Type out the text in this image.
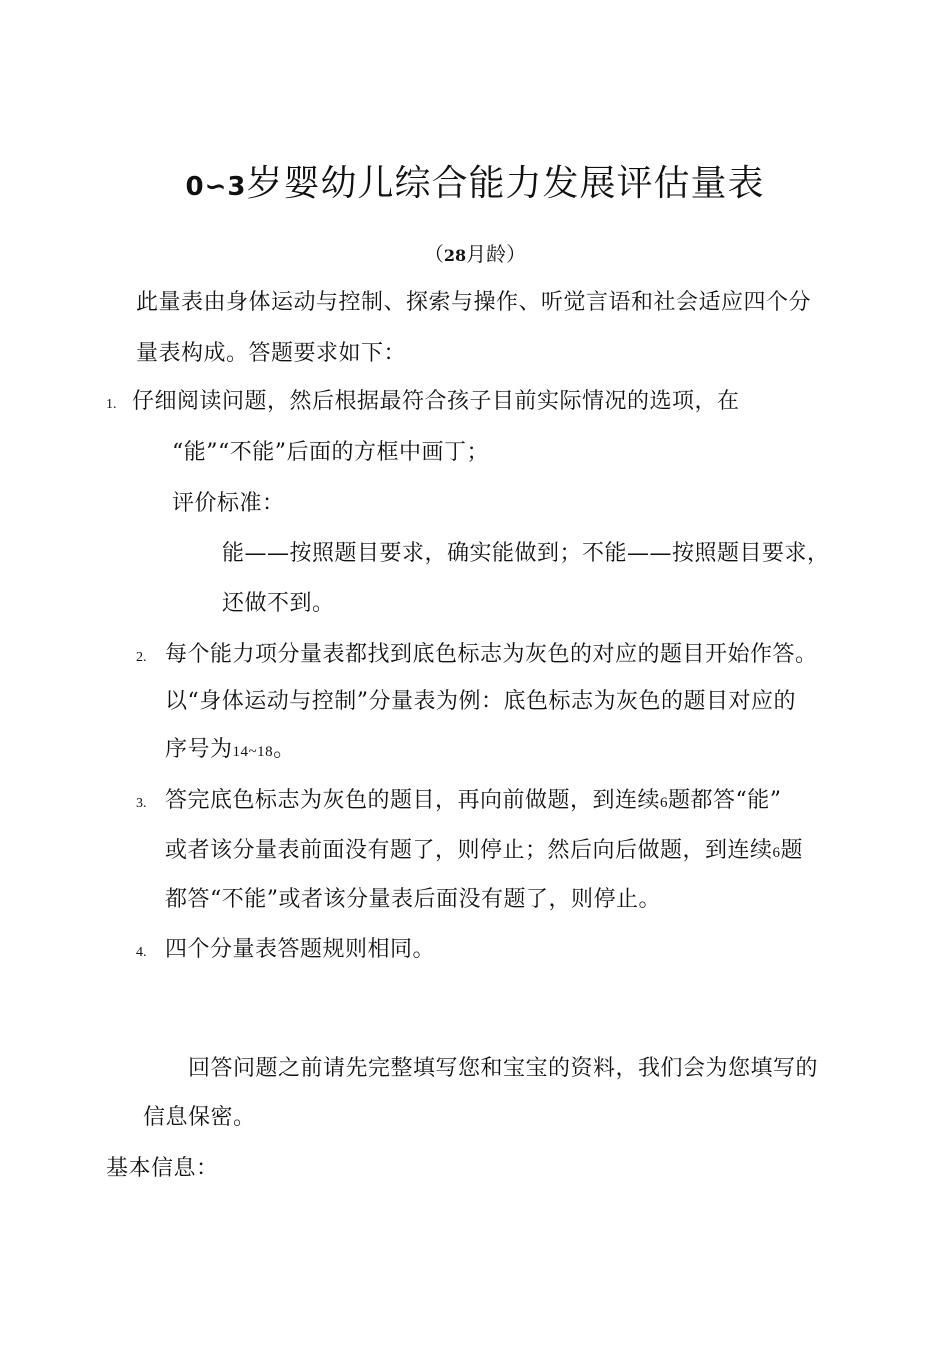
0∽3岁婴幼儿综合能力发展评估量表
（28月龄）
此量表由身体运动与控制、探索与操作、听觉言语和社会适应四个分
量表构成。答题要求如下：
1. 仔细阅读问题，然后根据最符合孩子目前实际情况的选项，在
“能”“不能”后面的方框中画丁；
评价标准：
能——按照题目要求，确实能做到；不能——按照题目要求，
还做不到。
2. 每个能力项分量表都找到底色标志为灰色的对应的题目开始作答。
以“身体运动与控制”分量表为例：底色标志为灰色的题目对应的
序号为14~18。
3. 答完底色标志为灰色的题目，再向前做题，到连续6题都答“能”
或者该分量表前面没有题了，则停止；然后向后做题，到连续6题
都答“不能”或者该分量表后面没有题了，则停止。
4. 四个分量表答题规则相同。
回答问题之前请先完整填写您和宝宝的资料，我们会为您填写的
信息保密。
基本信息：
